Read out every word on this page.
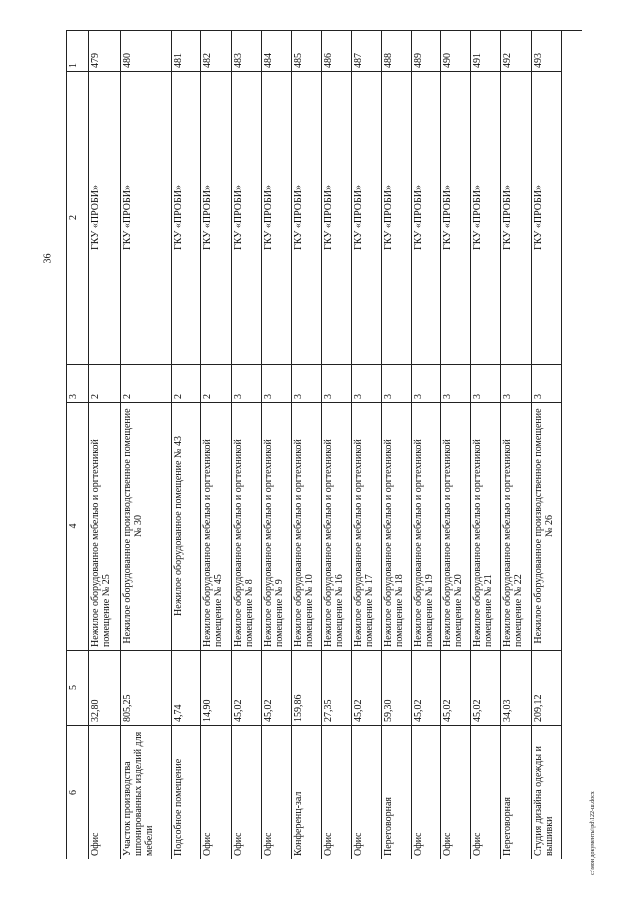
36
1
2
3
4
5
6
479
ГКУ «ПРОБИ»
2
Нежилое оборудованное мебелью и оргтехникой помещение № 25
32,80
Офис
480
ГКУ «ПРОБИ»
2
Нежилое оборудованное производственное помещение № 30
805,25
Участок производства шпонированных изделий для мебели
481
ГКУ «ПРОБИ»
2
Нежилое оборудованное помещение № 43
4,74
Подсобное помещение
482
ГКУ «ПРОБИ»
2
Нежилое оборудованное мебелью и оргтехникой помещение № 45
14,90
Офис
483
ГКУ «ПРОБИ»
3
Нежилое оборудованное мебелью и оргтехникой помещение № 8
45,02
Офис
484
ГКУ «ПРОБИ»
3
Нежилое оборудованное мебелью и оргтехникой помещение № 9
45,02
Офис
485
ГКУ «ПРОБИ»
3
Нежилое оборудованное мебелью и оргтехникой помещение № 10
159,86
Конференц-зал
486
ГКУ «ПРОБИ»
3
Нежилое оборудованное мебелью и оргтехникой помещение № 16
27,35
Офис
487
ГКУ «ПРОБИ»
3
Нежилое оборудованное мебелью и оргтехникой помещение № 17
45,02
Офис
488
ГКУ «ПРОБИ»
3
Нежилое оборудованное мебелью и оргтехникой помещение № 18
59,30
Переговорная
489
ГКУ «ПРОБИ»
3
Нежилое оборудованное мебелью и оргтехникой помещение № 19
45,02
Офис
490
ГКУ «ПРОБИ»
3
Нежилое оборудованное мебелью и оргтехникой помещение № 20
45,02
Офис
491
ГКУ «ПРОБИ»
3
Нежилое оборудованное мебелью и оргтехникой помещение № 21
45,02
Офис
492
ГКУ «ПРОБИ»
3
Нежилое оборудованное мебелью и оргтехникой помещение № 22
34,03
Переговорная
493
ГКУ «ПРОБИ»
3
Нежилое оборудованное производственное помещение № 26
209,12
Студия дизайна одежды и вышивки	c:\мои документы\рd\122-ш.docx
